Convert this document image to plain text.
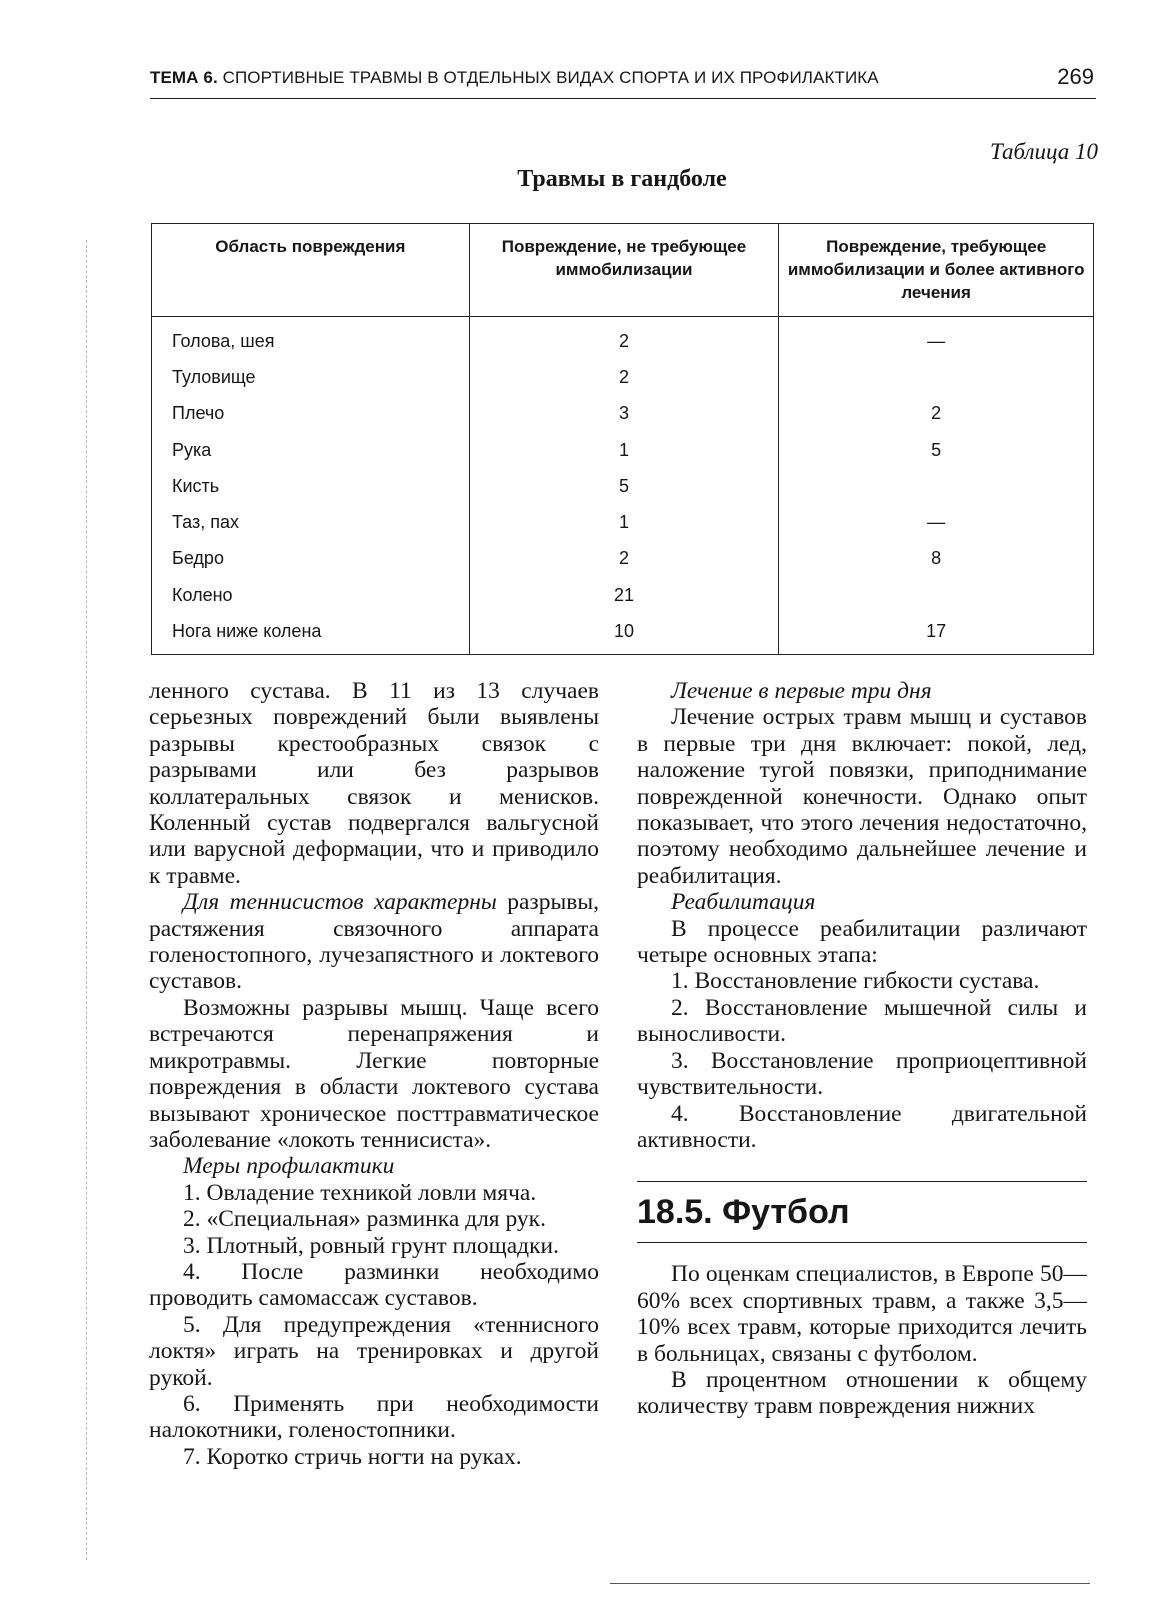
ТЕМА 6. СПОРТИВНЫЕ ТРАВМЫ В ОТДЕЛЬНЫХ ВИДАХ СПОРТА И ИХ ПРОФИЛАКТИКА	269
Таблица 10
Травмы в гандболе
Область повреждения	Повреждение, не требующее иммобилизации	Повреждение, требующее иммобилизации и более активного лечения
Голова, шея	2	—
Туловище	2	
Плечо	3	2
Рука	1	5
Кисть	5	
Таз, пах	1	—
Бедро	2	8
Колено	21	
Нога ниже колена	10	17

ленного сустава. В 11 из 13 случаев серьезных повреждений были выявлены разрывы крестообразных связок с разрывами или без разрывов коллатеральных связок и менисков. Коленный сустав подвергался вальгусной или варусной деформации, что и приводило к травме.

Для теннисистов характерны разрывы, растяжения связочного аппарата голеностопного, лучезапястного и локтевого суставов.

Возможны разрывы мышц. Чаще всего встречаются перенапряжения и микротравмы. Легкие повторные повреждения в области локтевого сустава вызывают хроническое посттравматическое заболевание «локоть теннисиста».

Меры профилактики

1. Овладение техникой ловли мяча.

2. «Специальная» разминка для рук.

3. Плотный, ровный грунт площадки.

4. После разминки необходимо проводить самомассаж суставов.

5. Для предупреждения «теннисного локтя» играть на тренировках и другой рукой.

6. Применять при необходимости налокотники, голеностопники.

7. Коротко стричь ногти на руках.

Лечение в первые три дня

Лечение острых травм мышц и суставов в первые три дня включает: покой, лед, наложение тугой повязки, приподнимание поврежденной конечности. Однако опыт показывает, что этого лечения недостаточно, поэтому необходимо дальнейшее лечение и реабилитация.

Реабилитация

В процессе реабилитации различают четыре основных этапа:

1. Восстановление гибкости сустава.

2. Восстановление мышечной силы и выносливости.

3. Восстановление проприоцептивной чувствительности.

4. Восстановление двигательной активности.

18.5. Футбол

По оценкам специалистов, в Европе 50—60% всех спортивных травм, а также 3,5—10% всех травм, которые приходится лечить в больницах, связаны с футболом.

В процентном отношении к общему количеству травм повреждения нижних
